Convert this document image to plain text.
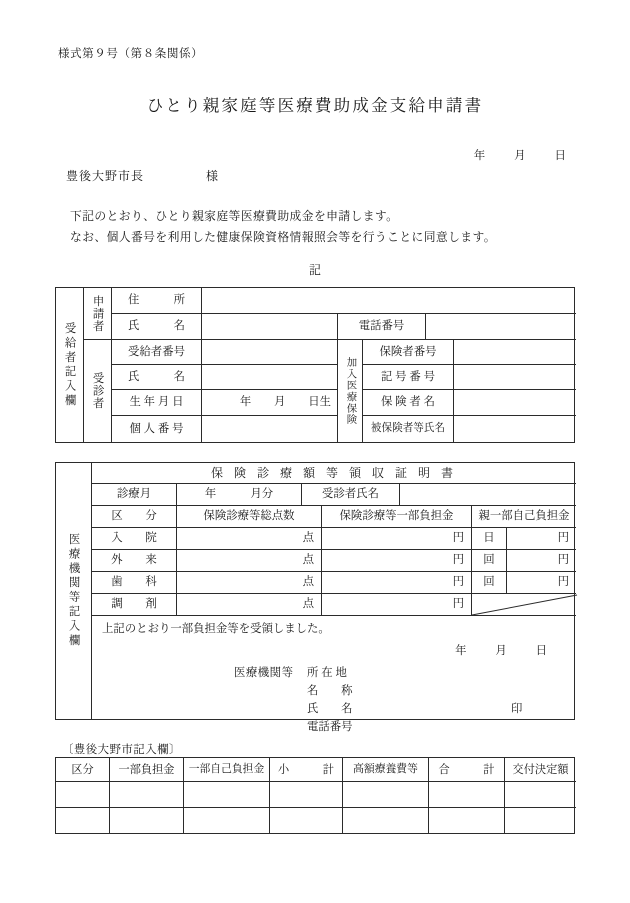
様式第９号（第８条関係）
ひとり親家庭等医療費助成金支給申請書
年	月	日
豊後大野市長	様
下記のとおり、ひとり親家庭等医療費助成金を申請します。
なお、個人番号を利用した健康保険資格情報照会等を行うことに同意します。
記
受給者記入欄
申請者
受診者
住　　　所
氏　　　名	電話番号
加入医療保険
受給者番号	保険者番号
氏　　　名	記 号 番 号
生 年 月 日	年　　月　　日生	保 険 者 名
個 人 番 号	被保険者等氏名
医療機関等記入欄
保 険 診 療 額 等 領 収 証 明 書
診療月	年　　　月分	受診者氏名
区　　分	保険診療等総点数	保険診療等一部負担金 親一部自己負担金
入　　院	点	円 日	円
外　　来	点	円 回	円
歯　　科	点	円 回	円
調　　剤	点	円
上記のとおり一部負担金等を受領しました。
年	月	日
医療機関等 所 在 地
名　　称
氏　　名
電話番号
印
〔豊後大野市記入欄〕
区分 一部負担金 一部自己負担金 小　　　計 高額療養費等 合　　　計 交付決定額
